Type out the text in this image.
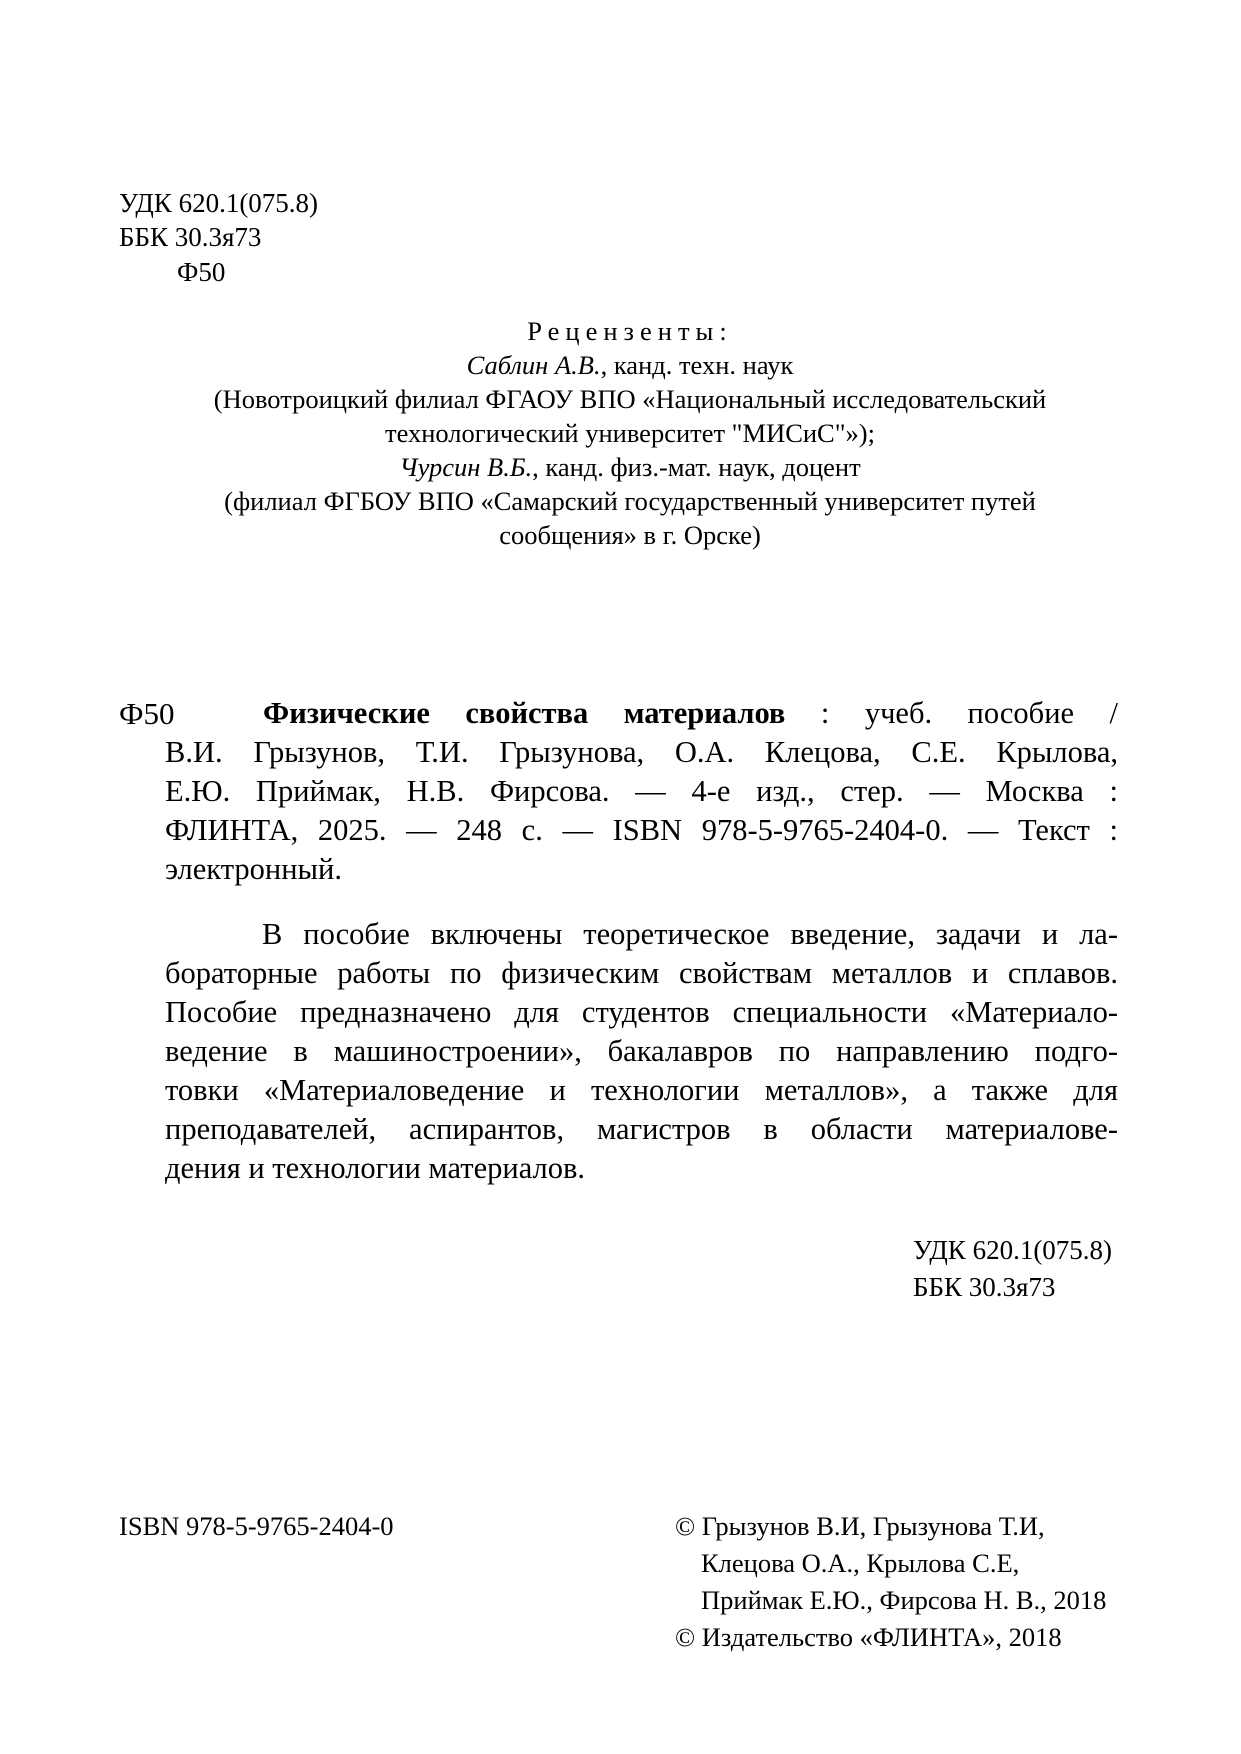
УДК 620.1(075.8)
ББК 30.3я73
Ф50
Рецензенты:
Саблин А.В., канд. техн. наук
(Новотроицкий филиал ФГАОУ ВПО «Национальный исследовательский
технологический университет "МИСиС"»);
Чурсин В.Б., канд. физ.-мат. наук, доцент
(филиал ФГБОУ ВПО «Самарский государственный университет путей
сообщения» в г. Орске)
Ф50	Физические свойства материалов : учеб. пособие /
В.И. Грызунов, Т.И. Грызунова, О.А. Клецова, С.Е. Крылова,
Е.Ю. Приймак, Н.В. Фирсова. — 4-е изд., стер. — Москва :
ФЛИНТА, 2025. — 248 с. — ISBN 978-5-9765-2404-0. — Текст :
электронный.
В пособие включены теоретическое введение, задачи и ла-
бораторные работы по физическим свойствам металлов и сплавов.
Пособие предназначено для студентов специальности «Материало-
ведение в машиностроении», бакалавров по направлению подго-
товки «Материаловедение и технологии металлов», а также для
преподавателей, аспирантов, магистров в области материалове-
дения и технологии материалов.
УДК 620.1(075.8)
ББК 30.3я73
ISBN 978-5-9765-2404-0	© Грызунов В.И, Грызунова Т.И,
Клецова О.А., Крылова С.Е,
Приймак Е.Ю., Фирсова Н. В., 2018
© Издательство «ФЛИНТА», 2018
